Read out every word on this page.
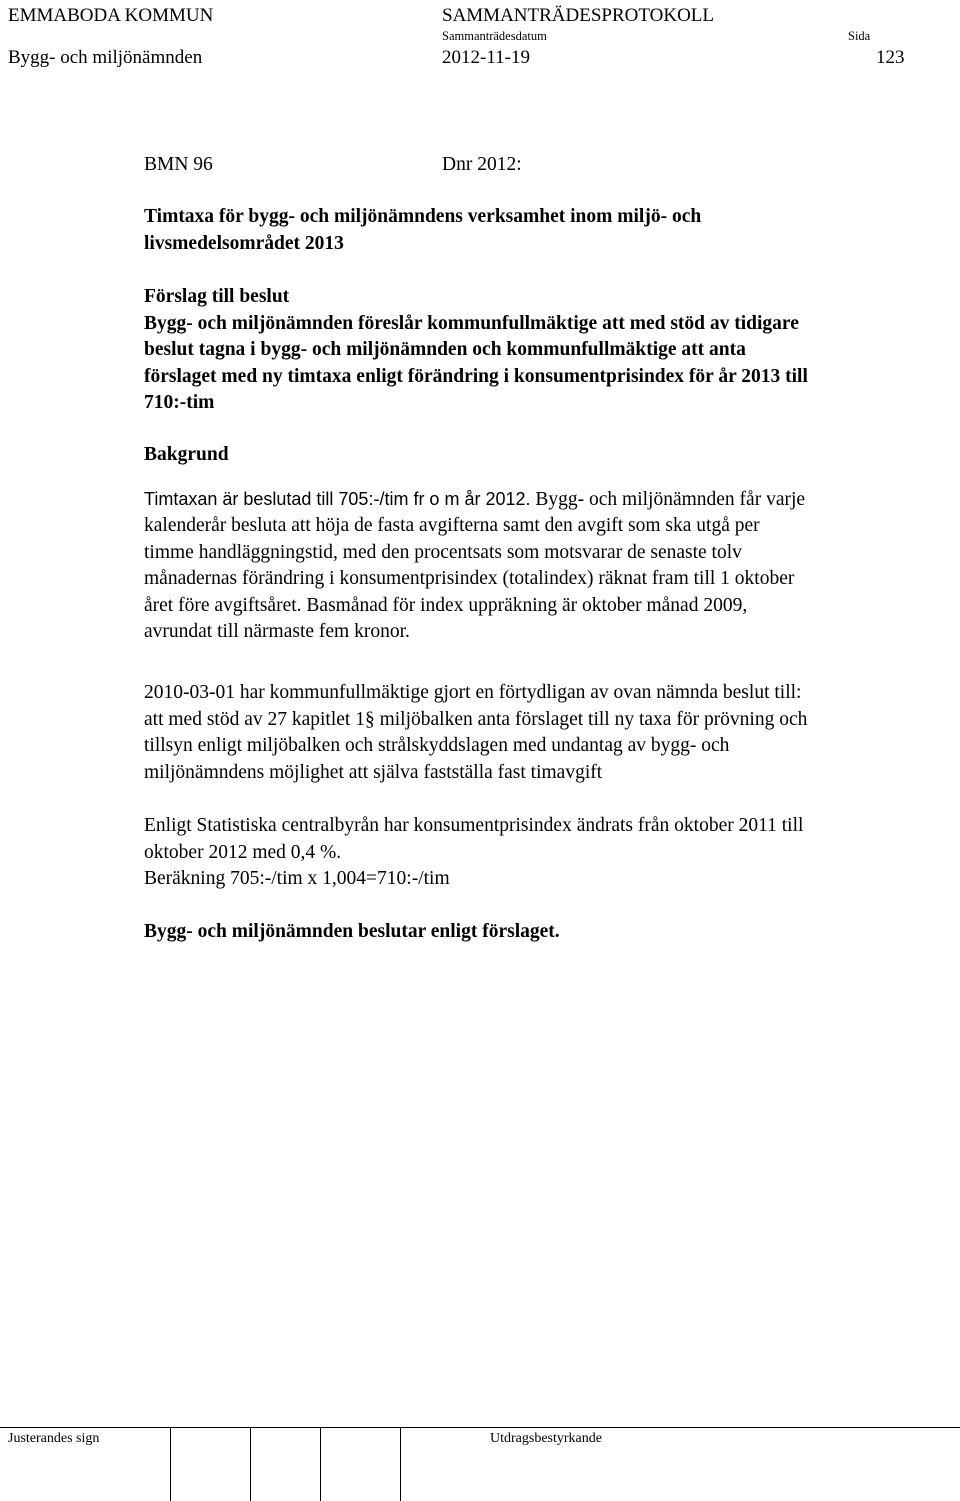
EMMABODA KOMMUN	SAMMANTRÄDESPROTOKOLL
Sammanträdesdatum	Sida
Bygg- och miljönämnden	2012-11-19	123
BMN 96	Dnr 2012:

Timtaxa för bygg- och miljönämndens verksamhet inom miljö- och

livsmedelsområdet 2013

Förslag till beslut

Bygg- och miljönämnden föreslår kommunfullmäktige att med stöd av tidigare

beslut tagna i bygg- och miljönämnden och kommunfullmäktige att anta

förslaget med ny timtaxa enligt förändring i konsumentprisindex för år 2013 till

710:-tim

Bakgrund

Timtaxan är beslutad till 705:-/tim fr o m år 2012. Bygg- och miljönämnden får varje

kalenderår besluta att höja de fasta avgifterna samt den avgift som ska utgå per

timme handläggningstid, med den procentsats som motsvarar de senaste tolv

månadernas förändring i konsumentprisindex (totalindex) räknat fram till 1 oktober

året före avgiftsåret. Basmånad för index uppräkning är oktober månad 2009,

avrundat till närmaste fem kronor.

2010-03-01 har kommunfullmäktige gjort en förtydligan av ovan nämnda beslut till:

att med stöd av 27 kapitlet 1§ miljöbalken anta förslaget till ny taxa för prövning och

tillsyn enligt miljöbalken och strålskyddslagen med undantag av bygg- och

miljönämndens möjlighet att själva fastställa fast timavgift

Enligt Statistiska centralbyrån har konsumentprisindex ändrats från oktober 2011 till

oktober 2012 med 0,4 %.

Beräkning 705:-/tim x 1,004=710:-/tim

Bygg- och miljönämnden beslutar enligt förslaget.
Justerandes sign	Utdragsbestyrkande
